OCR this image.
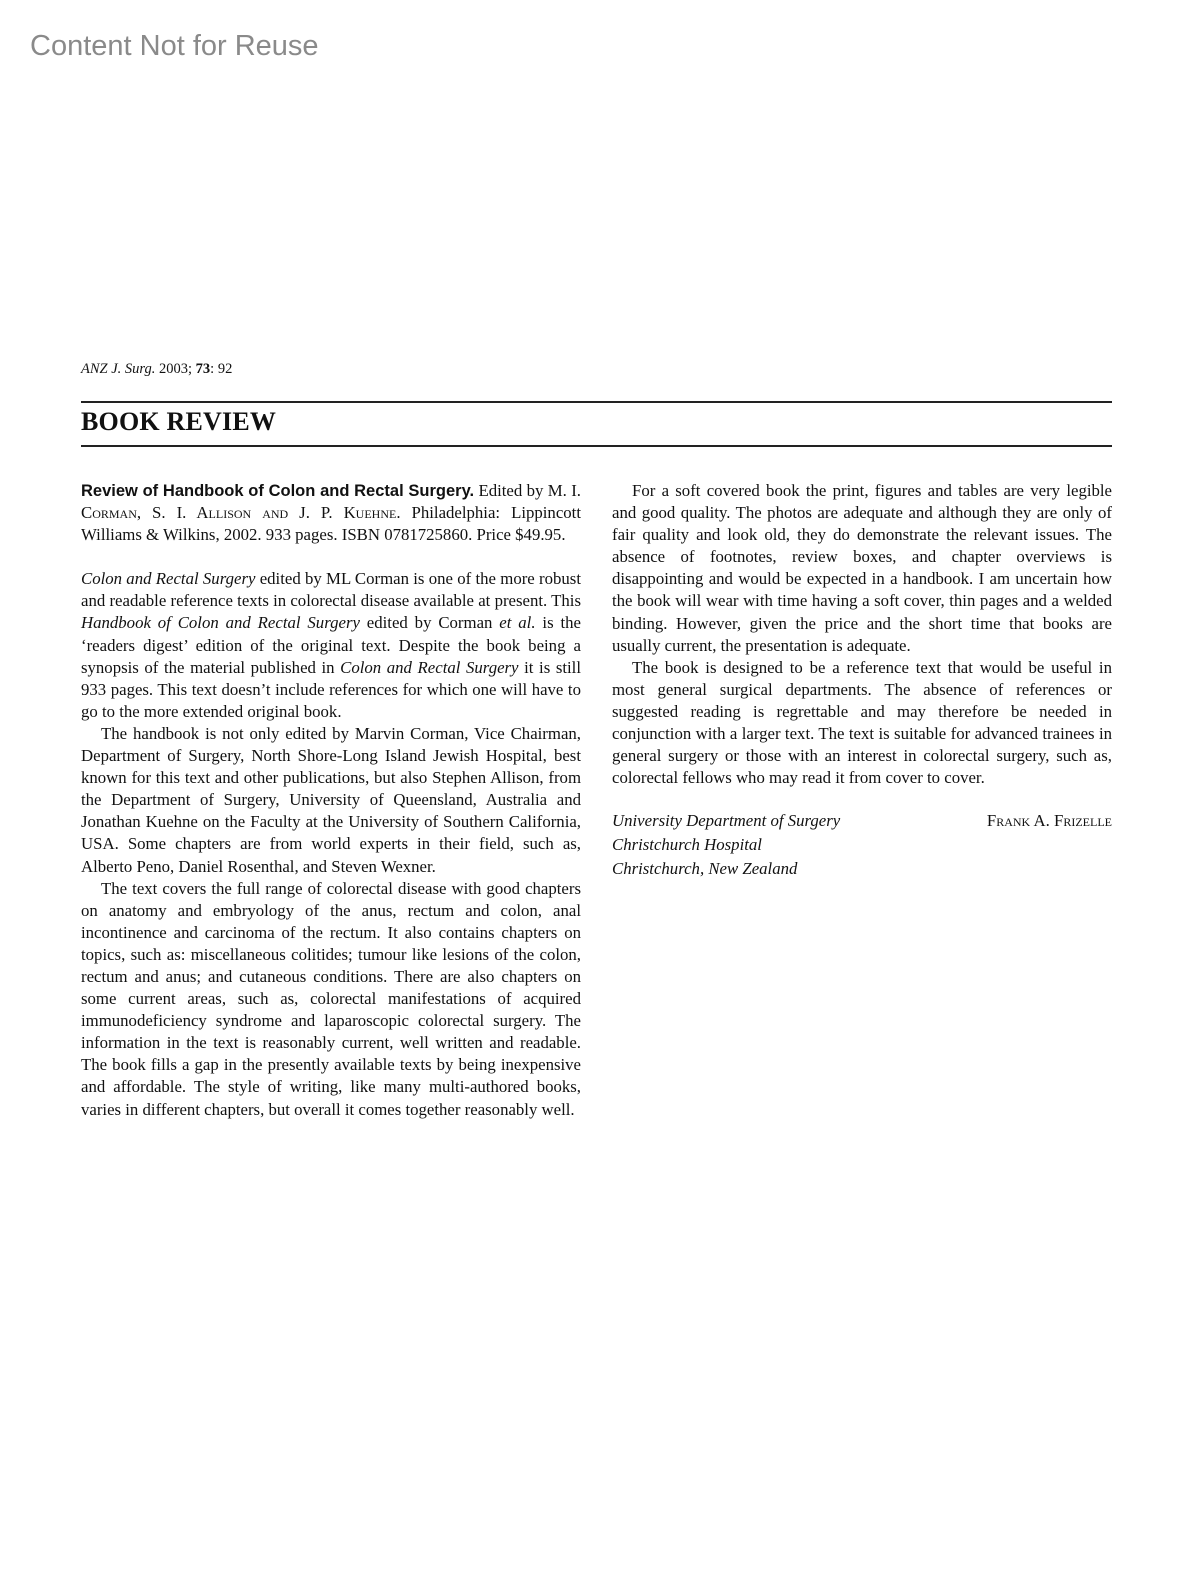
Content Not for Reuse
ANZ J. Surg. 2003; 73: 92
BOOK REVIEW

Review of Handbook of Colon and Rectal Surgery. Edited by M. I. Corman, S. I. Allison and J. P. Kuehne. Philadelphia: Lippincott Williams & Wilkins, 2002. 933 pages. ISBN 0781725860. Price $49.95.

Colon and Rectal Surgery edited by ML Corman is one of the more robust and readable reference texts in colorectal disease available at present. This Handbook of Colon and Rectal Surgery edited by Corman et al. is the ‘readers digest’ edition of the original text. Despite the book being a synopsis of the material published in Colon and Rectal Surgery it is still 933 pages. This text doesn’t include references for which one will have to go to the more extended original book.

The handbook is not only edited by Marvin Corman, Vice Chairman, Department of Surgery, North Shore-Long Island Jewish Hospital, best known for this text and other publications, but also Stephen Allison, from the Department of Surgery, University of Queensland, Australia and Jonathan Kuehne on the Faculty at the University of Southern California, USA. Some chapters are from world experts in their field, such as, Alberto Peno, Daniel Rosenthal, and Steven Wexner.

The text covers the full range of colorectal disease with good chapters on anatomy and embryology of the anus, rectum and colon, anal incontinence and carcinoma of the rectum. It also contains chapters on topics, such as: miscellaneous colitides; tumour like lesions of the colon, rectum and anus; and cutaneous conditions. There are also chapters on some current areas, such as, colorectal manifestations of acquired immunodeficiency syndrome and laparoscopic colorectal surgery. The information in the text is reasonably current, well written and readable. The book fills a gap in the presently available texts by being inexpensive and affordable. The style of writing, like many multi-authored books, varies in different chapters, but overall it comes together reasonably well.

For a soft covered book the print, figures and tables are very legible and good quality. The photos are adequate and although they are only of fair quality and look old, they do demonstrate the relevant issues. The absence of footnotes, review boxes, and chapter overviews is disappointing and would be expected in a handbook. I am uncertain how the book will wear with time having a soft cover, thin pages and a welded binding. However, given the price and the short time that books are usually current, the presentation is adequate.

The book is designed to be a reference text that would be useful in most general surgical departments. The absence of references or suggested reading is regrettable and may therefore be needed in conjunction with a larger text. The text is suitable for advanced trainees in general surgery or those with an interest in colorectal surgery, such as, colorectal fellows who may read it from cover to cover.

University Department of Surgery
Christchurch Hospital
Christchurch, New Zealand
Frank A. Frizelle
